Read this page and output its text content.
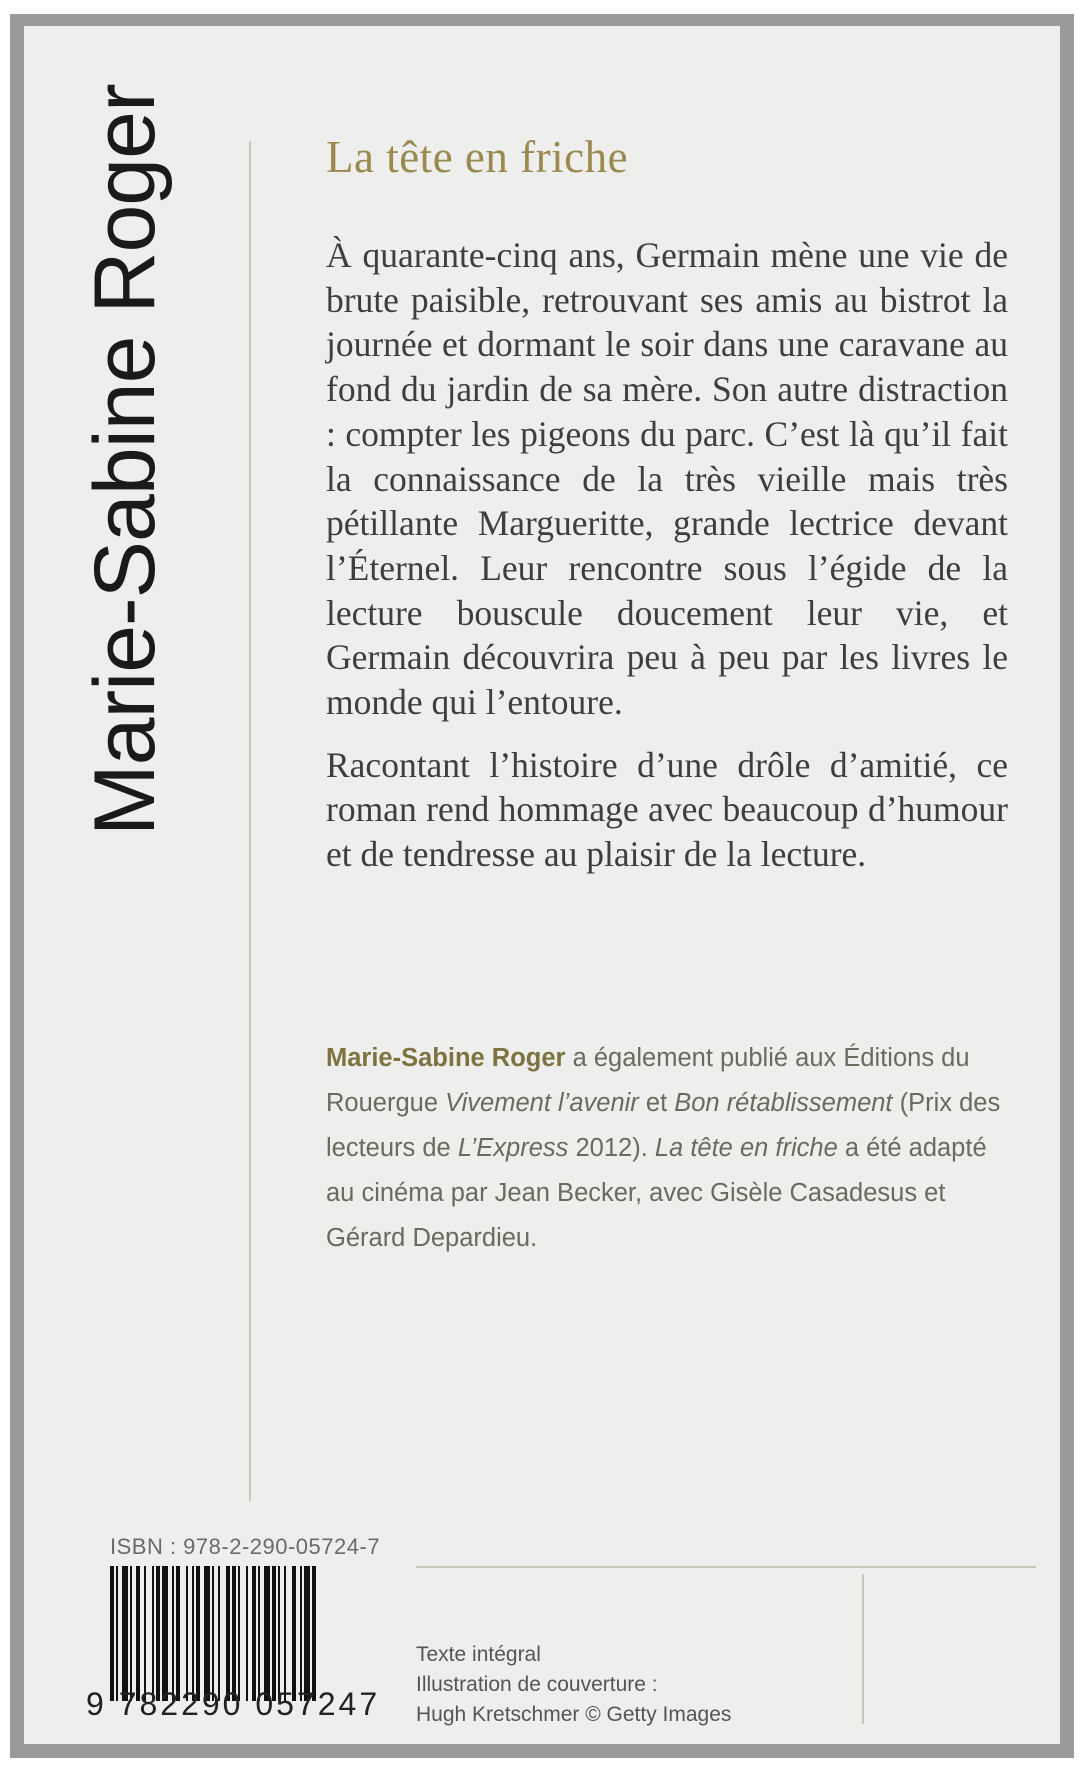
Marie-Sabine Roger	La tête en friche

À quarante-cinq ans, Germain mène une vie de brute paisible, retrouvant ses amis au bistrot la journée et dormant le soir dans une caravane au fond du jardin de sa mère. Son autre distraction : compter les pigeons du parc. C’est là qu’il fait la connaissance de la très vieille mais très pétillante Margueritte, grande lectrice devant l’Éternel. Leur rencontre sous l’égide de la lecture bouscule doucement leur vie, et Germain découvrira peu à peu par les livres le monde qui l’entoure.

Racontant l’histoire d’une drôle d’amitié, ce roman rend hommage avec beaucoup d’humour et de tendresse au plaisir de la lecture.

Marie-Sabine Roger a également publié aux Éditions du Rouergue Vivement l’avenir et Bon rétablissement (Prix des lecteurs de L’Express 2012). La tête en friche a été adapté au cinéma par Jean Becker, avec Gisèle Casadesus et Gérard Depardieu.
ISBN : 978-2-290-05724-7
9 782290 057247
Texte intégral
Illustration de couverture :
Hugh Kretschmer © Getty Images
